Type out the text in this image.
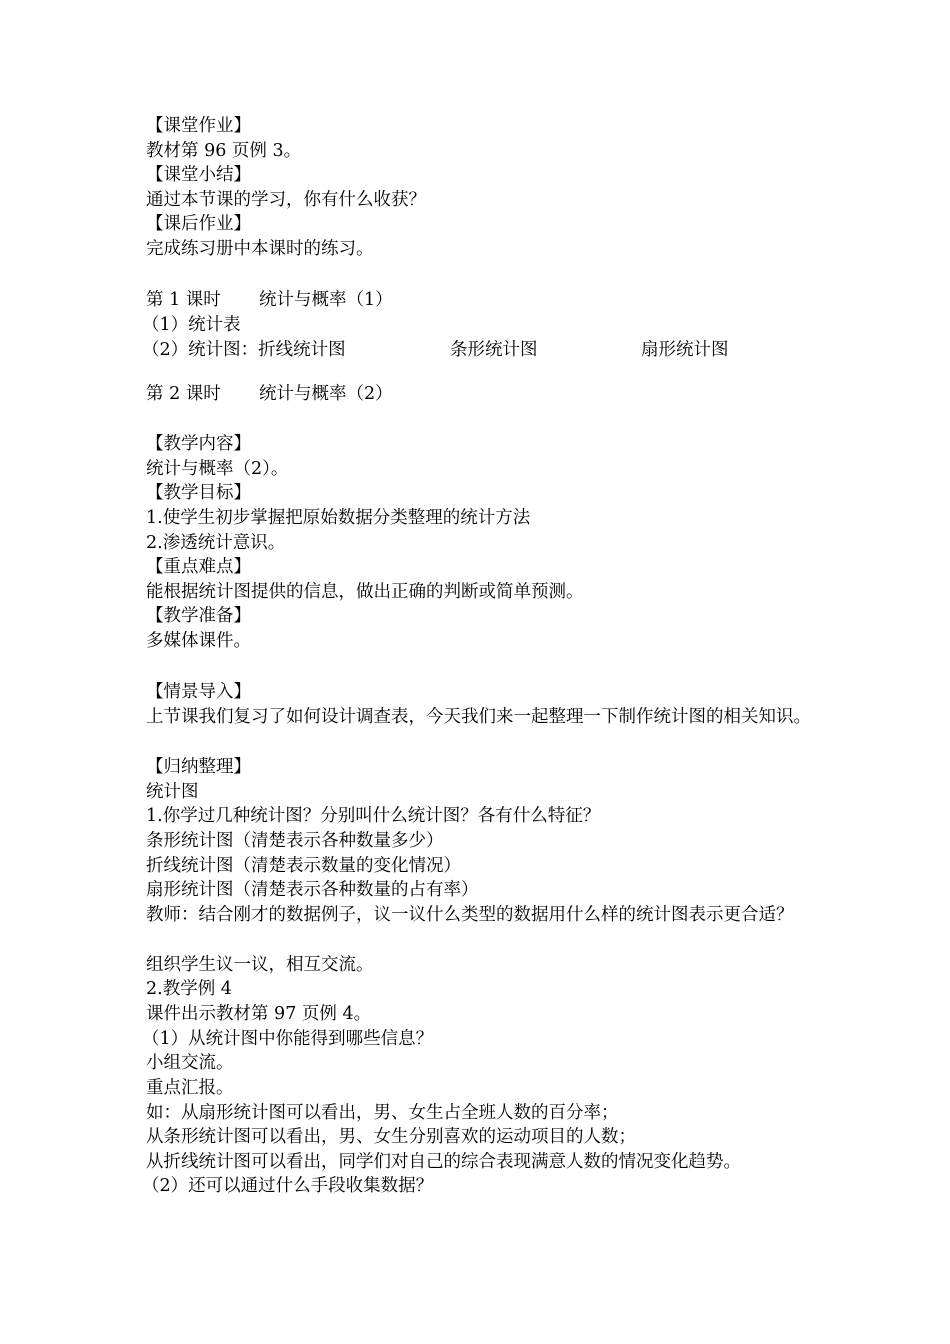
【课堂作业】
教材第 96 页例 3。
【课堂小结】
通过本节课的学习，你有什么收获？
【课后作业】
完成练习册中本课时的练习。
第 1 课时 统计与概率（1）
（1）统计表
（2）统计图：折线统计图	条形统计图	扇形统计图
第 2 课时 统计与概率（2）
【教学内容】
统计与概率（2）。
【教学目标】
1.使学生初步掌握把原始数据分类整理的统计方法
2.渗透统计意识。
【重点难点】
能根据统计图提供的信息，做出正确的判断或简单预测。
【教学准备】
多媒体课件。
【情景导入】
上节课我们复习了如何设计调查表，今天我们来一起整理一下制作统计图的相关知识。
【归纳整理】
统计图
1.你学过几种统计图？分别叫什么统计图？各有什么特征？
条形统计图（清楚表示各种数量多少）
折线统计图（清楚表示数量的变化情况）
扇形统计图（清楚表示各种数量的占有率）
教师：结合刚才的数据例子，议一议什么类型的数据用什么样的统计图表示更合适？
组织学生议一议，相互交流。
2.教学例 4
课件出示教材第 97 页例 4。
（1）从统计图中你能得到哪些信息？
小组交流。
重点汇报。
如：从扇形统计图可以看出，男、女生占全班人数的百分率；
从条形统计图可以看出，男、女生分别喜欢的运动项目的人数；
从折线统计图可以看出，同学们对自己的综合表现满意人数的情况变化趋势。
（2）还可以通过什么手段收集数据？
